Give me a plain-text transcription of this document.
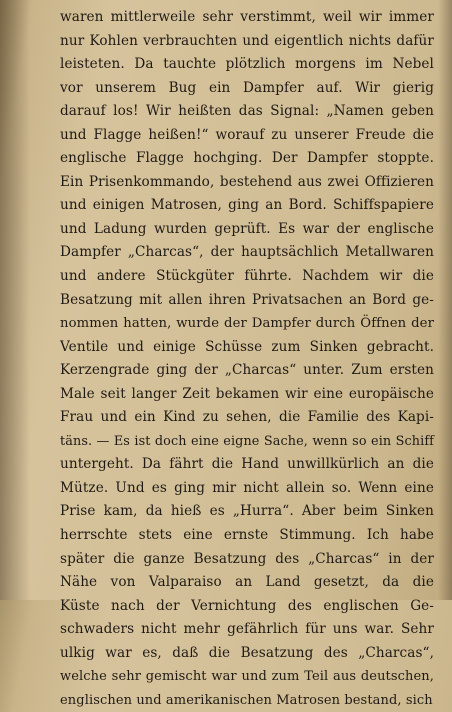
waren mittlerweile sehr verstimmt, weil wir immer
nur Kohlen verbrauchten und eigentlich nichts dafür
leisteten. Da tauchte plötzlich morgens im Nebel
vor unserem Bug ein Dampfer auf. Wir gierig
darauf los! Wir heißten das Signal: „Namen geben
und Flagge heißen!“ worauf zu unserer Freude die
englische Flagge hochging. Der Dampfer stoppte.
Ein Prisenkommando, bestehend aus zwei Offizieren
und einigen Matrosen, ging an Bord. Schiffspapiere
und Ladung wurden geprüft. Es war der englische
Dampfer „Charcas“, der hauptsächlich Metallwaren
und andere Stückgüter führte. Nachdem wir die
Besatzung mit allen ihren Privatsachen an Bord ge-
nommen hatten, wurde der Dampfer durch Öffnen der
Ventile und einige Schüsse zum Sinken gebracht.
Kerzengrade ging der „Charcas“ unter. Zum ersten
Male seit langer Zeit bekamen wir eine europäische
Frau und ein Kind zu sehen, die Familie des Kapi-
täns. — Es ist doch eine eigne Sache, wenn so ein Schiff
untergeht. Da fährt die Hand unwillkürlich an die
Mütze. Und es ging mir nicht allein so. Wenn eine
Prise kam, da hieß es „Hurra“. Aber beim Sinken
herrschte stets eine ernste Stimmung. Ich habe
später die ganze Besatzung des „Charcas“ in der
Nähe von Valparaiso an Land gesetzt, da die
Küste nach der Vernichtung des englischen Ge-
schwaders nicht mehr gefährlich für uns war. Sehr
ulkig war es, daß die Besatzung des „Charcas“,
welche sehr gemischt war und zum Teil aus deutschen,
englischen und amerikanischen Matrosen bestand, sich
